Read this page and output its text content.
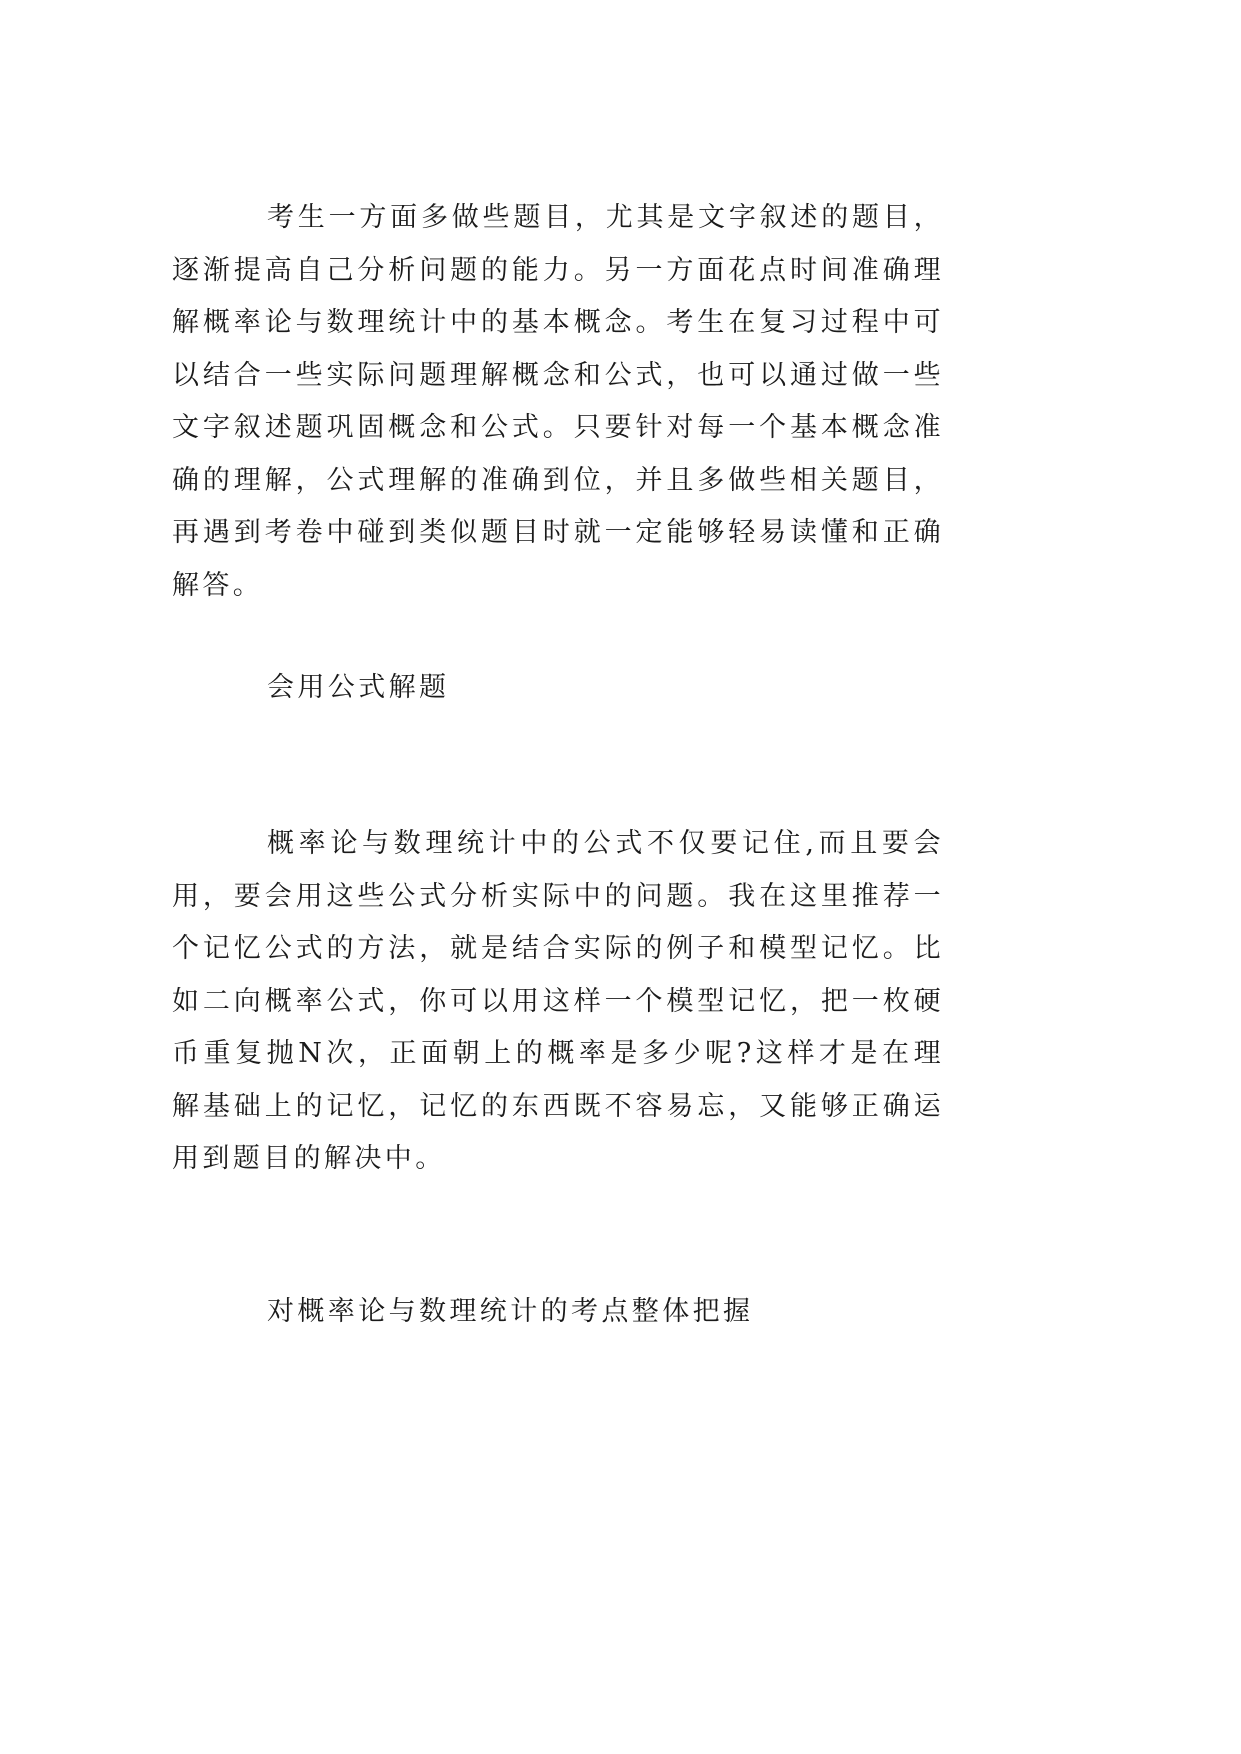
考生一方面多做些题目，尤其是文字叙述的题目，逐渐提高自己分析问题的能力。另一方面花点时间准确理解概率论与数理统计中的基本概念。考生在复习过程中可以结合一些实际问题理解概念和公式，也可以通过做一些文字叙述题巩固概念和公式。只要针对每一个基本概念准确的理解，公式理解的准确到位，并且多做些相关题目，再遇到考卷中碰到类似题目时就一定能够轻易读懂和正确解答。

会用公式解题

概率论与数理统计中的公式不仅要记住,而且要会用，要会用这些公式分析实际中的问题。我在这里推荐一个记忆公式的方法，就是结合实际的例子和模型记忆。比如二向概率公式，你可以用这样一个模型记忆，把一枚硬币重复抛N次，正面朝上的概率是多少呢?这样才是在理解基础上的记忆，记忆的东西既不容易忘，又能够正确运用到题目的解决中。

对概率论与数理统计的考点整体把握
